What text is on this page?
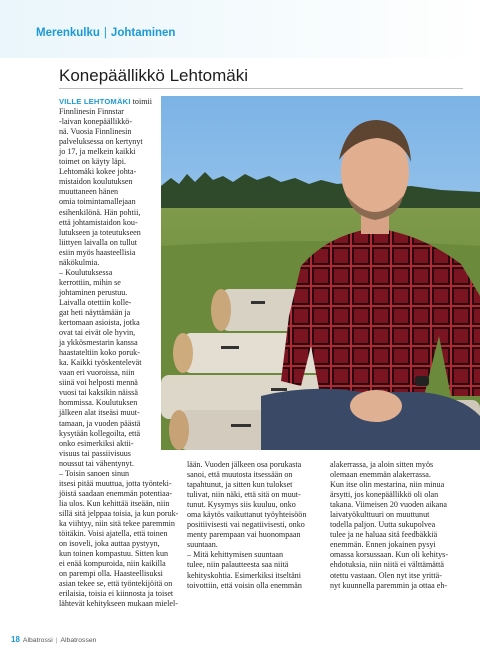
Merenkulku | Johtaminen
Konepäällikkö Lehtomäki

VILLE LEHTOMÄKI toimii

Finnlinesin Finnstar

-laivan konepäällikkö-

nä. Vuosia Finnlinesin

palveluksessa on kertynyt

jo 17, ja melkein kaikki

toimet on käyty läpi.

Lehtomäki kokee johta-

mistaidon koulutuksen

muuttaneen hänen

omia toimintamallejaan

esihenkilönä. Hän pohtii,

että johtamistaidon kou-

lutukseen ja toteutukseen

liittyen laivalla on tullut

esiin myös haasteellisia

näkökulmia.

– Koulutuksessa

kerrottiin, mihin se

johtaminen perustuu.

Laivalla otettiin kolle-

gat heti näyttämään ja

kertomaan asioista, jotka

ovat tai eivät ole hyvin,

ja ykkösmestarin kanssa

haastateltiin koko poruk-

ka. Kaikki työskentelevät

vaan eri vuoroissa, niin

siinä voi helposti mennä

vuosi tai kaksikin näissä

hommissa. Koulutuksen

jälkeen alat itseäsi muut-

tamaan, ja vuoden päästä

kysytään kollegoilta, että

onko esimerkiksi aktii-

visuus tai passiivisuus

noussut tai vähentynyt.

– Toisin sanoen sinun

itsesi pitää muuttua, jotta työnteki-

jöistä saadaan enemmän potentiaa-

lia ulos. Kun kehittää itseään, niin

sillä sitä jelppaa toisia, ja kun poruk-

ka viihtyy, niin sitä tekee paremmin

töitäkin. Voisi ajatella, että toinen

on isoveli, joka auttaa pystyyn,

kun toinen kompastuu. Sitten kun

ei enää kompuroida, niin kaikilla

on parempi olla. Haasteellisuksi

asian tekee se, että työntekijöitä on

erilaisia, toisia ei kiinnosta ja toiset

lähtevät kehitykseen mukaan mielel-

lään. Vuoden jälkeen osa porukasta

sanoi, että muutosta itsessään on

tapahtunut, ja sitten kun tulokset

tulivat, niin näki, että sitä on muut-

tunut. Kysymys siis kuuluu, onko

oma käytös vaikuttanut työyhteisöön

positiivisesti vai negatiivisesti, onko

menty parempaan vai huonompaan

suuntaan.

– Mitä kehittymisen suuntaan

tulee, niin palautteesta saa niitä

kehityskohtia. Esimerkiksi itseltäni

toivottiin, että voisin olla enemmän

alakerrassa, ja aloin sitten myös

olemaan enemmän alakerrassa.

Kun itse olin mestarina, niin minua

ärsytti, jos konepäällikkö oli olan

takana. Viimeisen 20 vuoden aikana

laivatyökulttuuri on muuttunut

todella paljon. Uutta sukupolvea

tulee ja ne haluaa sitä feedbäkkiä

enemmän. Ennen jokainen pysyi

omassa korsussaan. Kun oli kehitys-

ehdotuksia, niin niitä ei välttämättä

otettu vastaan. Olen nyt itse yrittä-

nyt kuunnella paremmin ja ottaa eh-

18 Albatrossi | Albatrossen
